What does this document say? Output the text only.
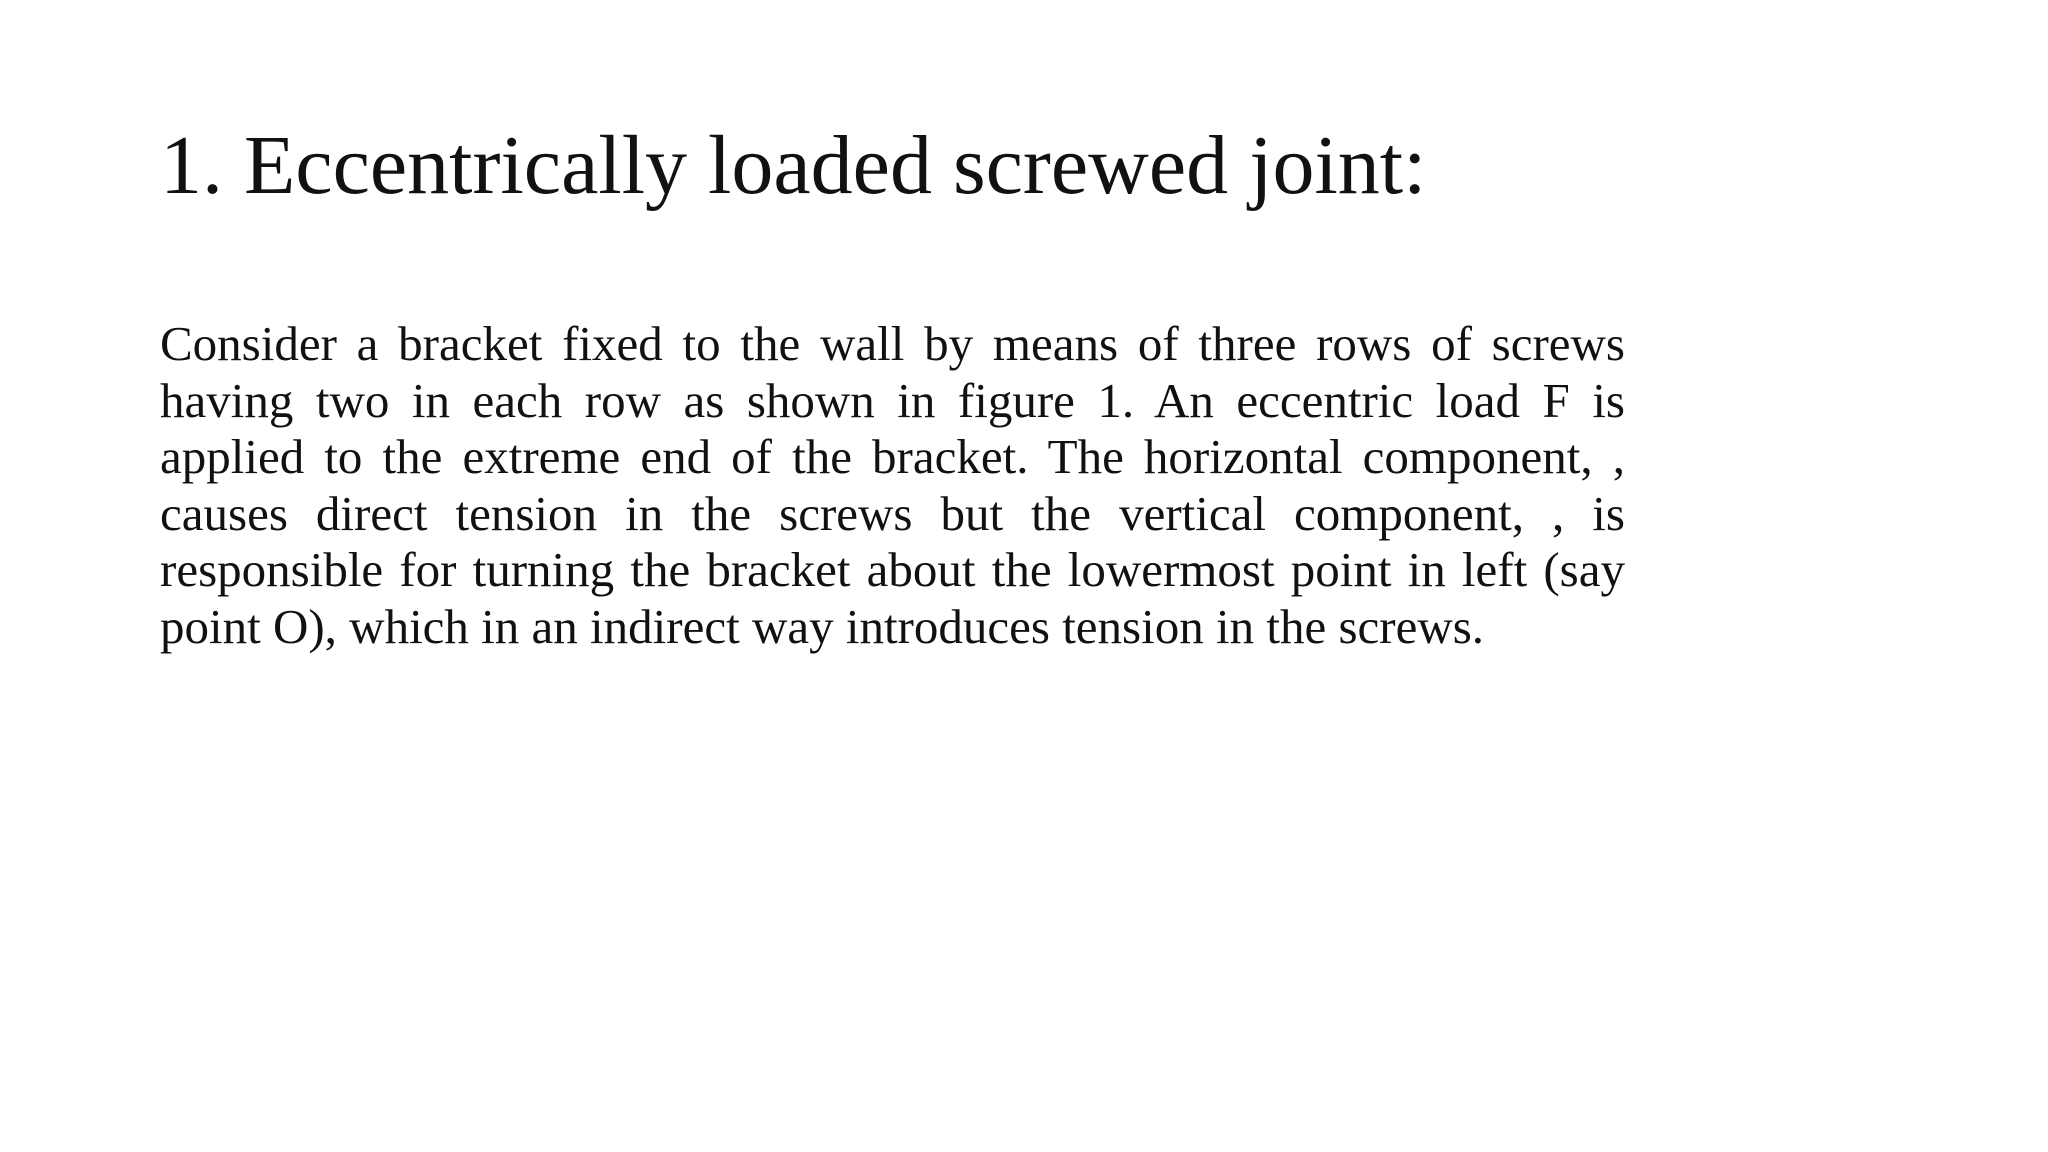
1. Eccentrically loaded screwed joint:

Consider a bracket fixed to the wall by means of three rows of screws having two in each row as shown in figure 1. An eccentric load F is applied to the extreme end of the bracket. The horizontal component, , causes direct tension in the screws but the vertical component, , is responsible for turning the bracket about the lowermost point in left (say point O), which in an indirect way introduces tension in the screws.
